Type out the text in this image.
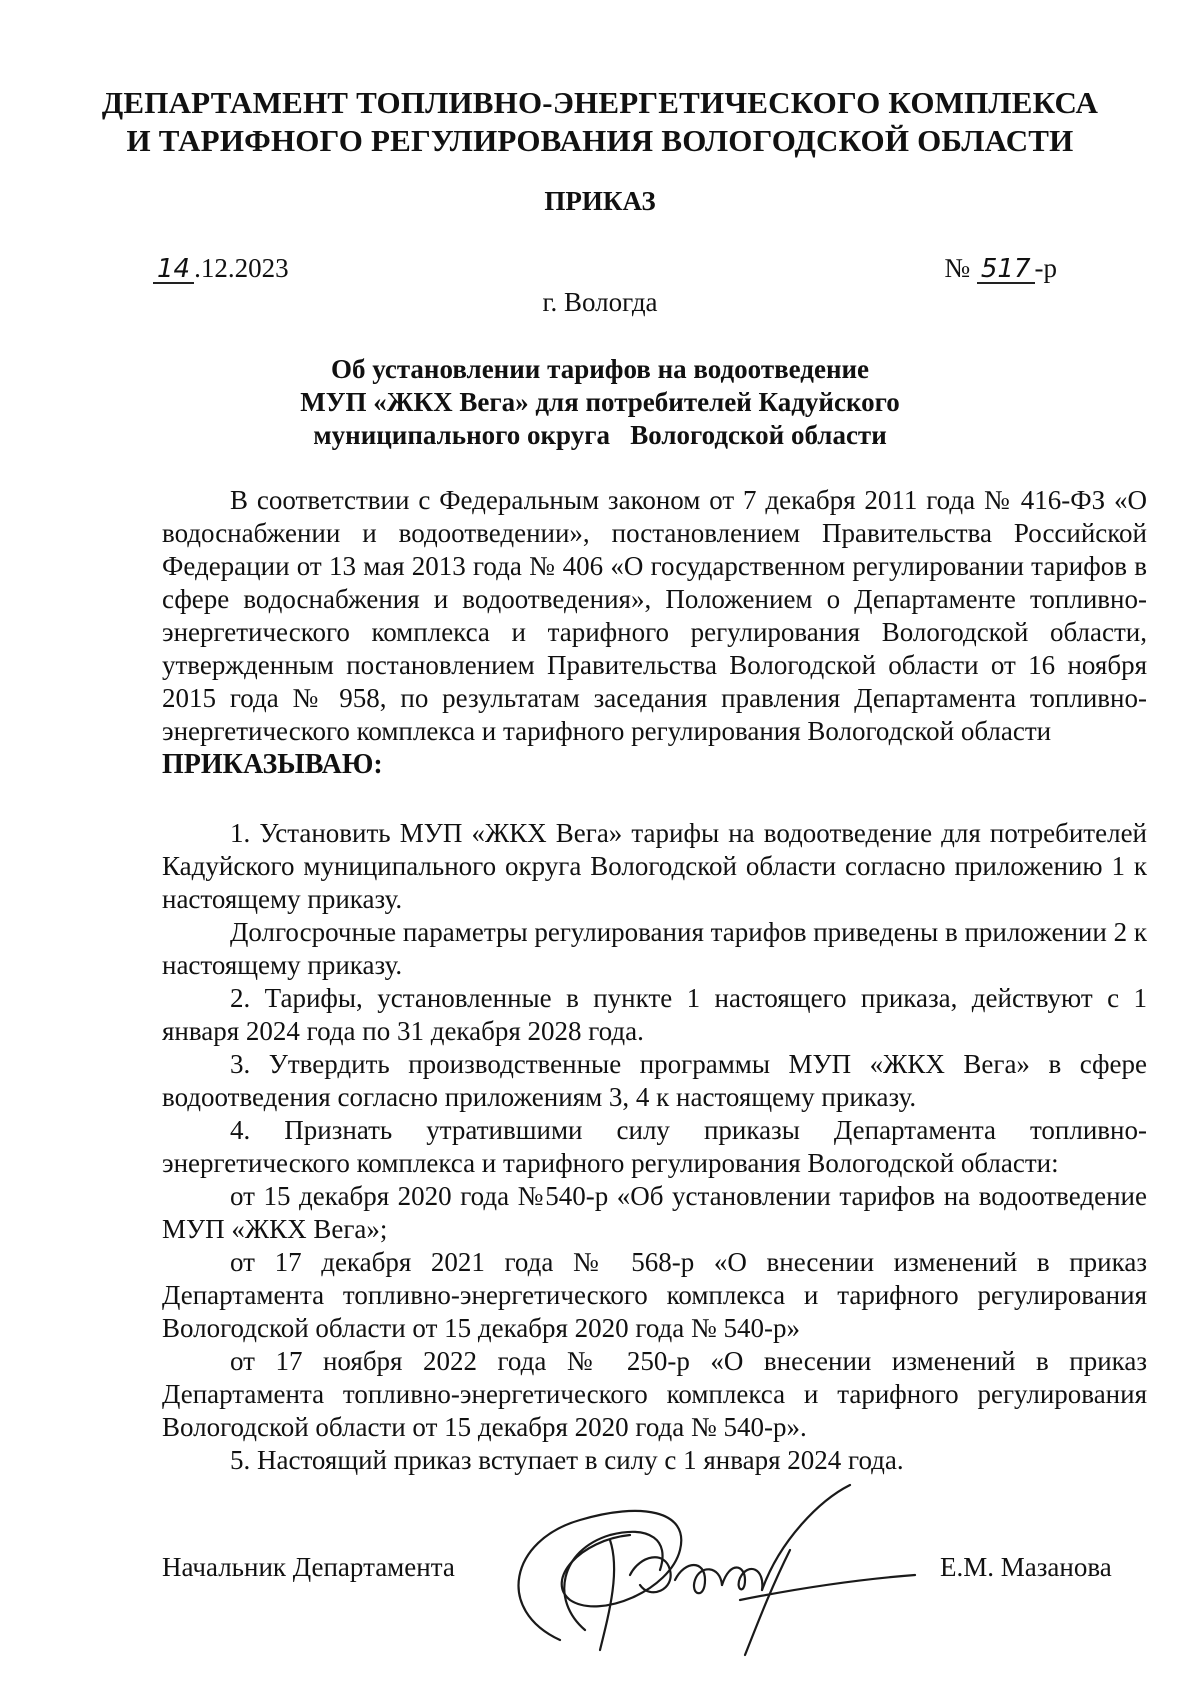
ДЕПАРТАМЕНТ ТОПЛИВНО-ЭНЕРГЕТИЧЕСКОГО КОМПЛЕКСА
И ТАРИФНОГО РЕГУЛИРОВАНИЯ ВОЛОГОДСКОЙ ОБЛАСТИ
ПРИКАЗ
14 .12.2023	№ 517 -р
г. Вологда
Об установлении тарифов на водоотведение
МУП «ЖКХ Вега» для потребителей Кадуйского
муниципального округа   Вологодской области

В соответствии с Федеральным законом от 7 декабря 2011 года № 416-ФЗ «О водоснабжении и водоотведении», постановлением Правительства Российской Федерации от 13 мая 2013 года № 406 «О государственном регулировании тарифов в сфере водоснабжения и водоотведения», Положением о Департаменте топливно-энергетического комплекса и тарифного регулирования Вологодской области, утвержденным постановлением Правительства Вологодской области от 16 ноября 2015 года № 958, по результатам заседания правления Департамента топливно-энергетического комплекса и тарифного регулирования Вологодской области

ПРИКАЗЫВАЮ:

1. Установить МУП «ЖКХ Вега» тарифы на водоотведение для потребителей Кадуйского муниципального округа Вологодской области согласно приложению 1 к настоящему приказу.

Долгосрочные параметры регулирования тарифов приведены в приложении 2 к настоящему приказу.

2. Тарифы, установленные в пункте 1 настоящего приказа, действуют с 1 января 2024 года по 31 декабря 2028 года.

3. Утвердить производственные программы МУП «ЖКХ Вега» в сфере водоотведения согласно приложениям 3, 4 к настоящему приказу.

4. Признать утратившими силу приказы Департамента топливно-энергетического комплекса и тарифного регулирования Вологодской области:

от 15 декабря 2020 года №540-р «Об установлении тарифов на водоотведение МУП «ЖКХ Вега»;

от 17 декабря 2021 года № 568-р «О внесении изменений в приказ Департамента топливно-энергетического комплекса и тарифного регулирования Вологодской области от 15 декабря 2020 года № 540-р»

от 17 ноября 2022 года № 250-р «О внесении изменений в приказ Департамента топливно-энергетического комплекса и тарифного регулирования Вологодской области от 15 декабря 2020 года № 540-р».

5. Настоящий приказ вступает в силу с 1 января 2024 года.

Начальник Департамента	Е.М. Мазанова
